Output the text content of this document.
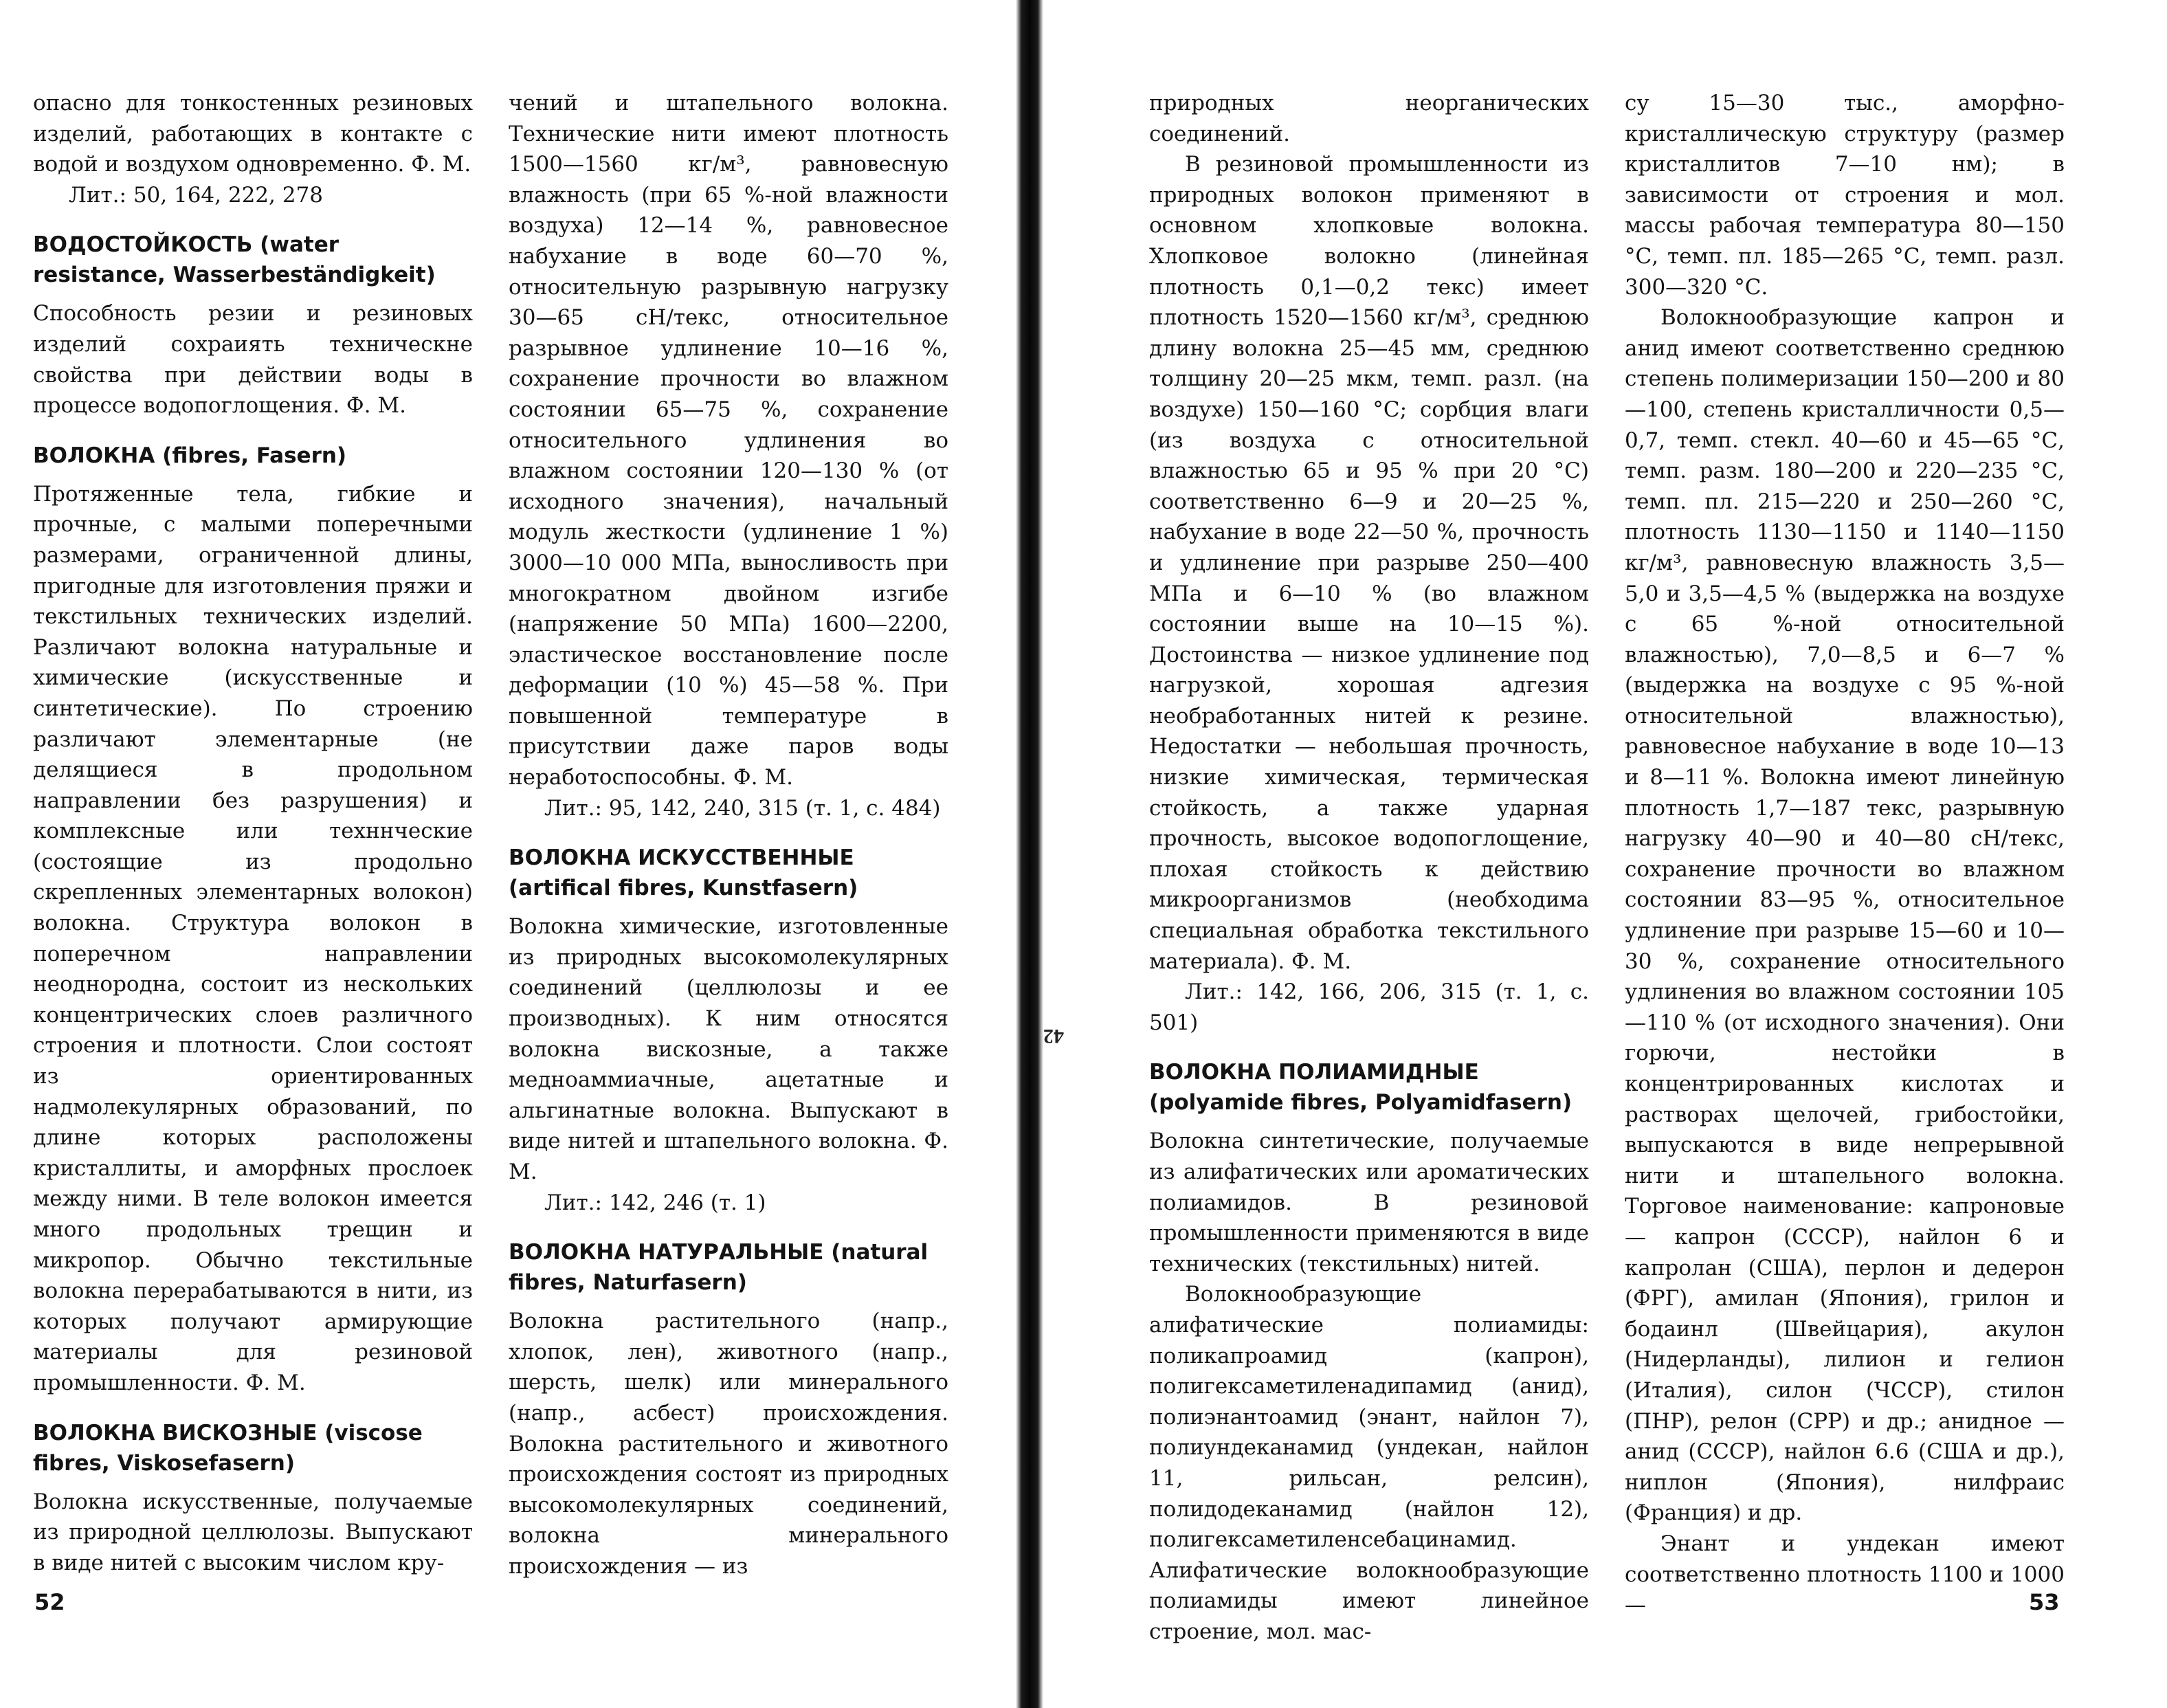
42

опасно для тонкостенных резиновых изделий, работающих в контакте с водой и воздухом одновременно. Ф. М.

Лит.: 50, 164, 222, 278

ВОДОСТОЙКОСТЬ (water resistance, Wasserbeständigkeit)

Способность резии и резиновых изделий сохраиять техническне свойства при действии воды в процессе водопоглощения. Ф. М.

ВОЛОКНА (fibres, Fasern)

Протяженные тела, гибкие и прочные, с малыми поперечными размерами, ограниченной длины, пригодные для изготовления пряжи и текстильных технических изделий. Различают волокна натуральные и химические (искусственные и синтетические). По строению различают элементарные (не делящиеся в продольном направлении без разрушения) и комплексные или техннческие (состоящие из продольно скрепленных элементарных волокон) волокна. Структура волокон в поперечном направлении неоднородна, состоит из нескольких концентрических слоев различного строения и плотности. Слои состоят из ориентированных надмолекулярных образований, по длине которых расположены кристаллиты, и аморфных прослоек между ними. В теле волокон имеется много продольных трещин и микропор. Обычно текстильные волокна перерабатываются в нити, из которых получают армирующие материалы для резиновой промышленности. Ф. М.

ВОЛОКНА ВИСКОЗНЫЕ (viscose fibres, Viskosefasern)

Волокна искусственные, получаемые из природной целлюлозы. Выпускают в виде нитей с высоким числом кру-

чений и штапельного волокна. Технические нити имеют плотность 1500—1560 кг/м³, равновесную влажность (при 65 %-ной влажности воздуха) 12—14 %, равновесное набухание в воде 60—70 %, относительную разрывную нагрузку 30—65 сН/текс, относительное разрывное удлинение 10—16 %, сохранение прочности во влажном состоянии 65—75 %, сохранение относительного удлинения во влажном состоянии 120—130 % (от исходного значения), начальный модуль жесткости (удлинение 1 %) 3000—10 000 МПа, выносливость при многократном двойном изгибе (напряжение 50 МПа) 1600—2200, эластическое восстановление после деформации (10 %) 45—58 %. При повышенной температуре в присутствии даже паров воды неработоспособны. Ф. М.

Лит.: 95, 142, 240, 315 (т. 1, с. 484)

ВОЛОКНА ИСКУССТВЕННЫЕ (artifical fibres, Kunstfasern)

Волокна химические, изготовленные из природных высокомолекулярных соединений (целлюлозы и ее производных). К ним относятся волокна вискозные, а также медноаммиачные, ацетатные и альгинатные волокна. Выпускают в виде нитей и штапельного волокна. Ф. М.

Лит.: 142, 246 (т. 1)

ВОЛОКНА НАТУРАЛЬНЫЕ (natural fibres, Naturfasern)

Волокна растительного (напр., хлопок, лен), животного (напр., шерсть, шелк) или минерального (напр., асбест) происхождения. Волокна растительного и животного происхождения состоят из природных высокомолекулярных соединений, волокна минерального происхождения — из

52

природных неорганических соединений.

В резиновой промышленности из природных волокон применяют в основном хлопковые волокна. Хлопковое волокно (линейная плотность 0,1—0,2 текс) имеет плотность 1520—1560 кг/м³, среднюю длину волокна 25—45 мм, среднюю толщину 20—25 мкм, темп. разл. (на воздухе) 150—160 °С; сорбция влаги (из воздуха с относительной влажностью 65 и 95 % при 20 °С) соответственно 6—9 и 20—25 %, набухание в воде 22—50 %, прочность и удлинение при разрыве 250—400 МПа и 6—10 % (во влажном состоянии выше на 10—15 %). Достоинства — низкое удлинение под нагрузкой, хорошая адгезия необработанных нитей к резине. Недостатки — небольшая прочность, низкие химическая, термическая стойкость, а также ударная прочность, высокое водопоглощение, плохая стойкость к действию микроорганизмов (необходима специальная обработка текстильного материала). Ф. М.

Лит.: 142, 166, 206, 315 (т. 1, с. 501)

ВОЛОКНА ПОЛИАМИДНЫЕ (polyamide fibres, Polyamidfasern)

Волокна синтетические, получаемые из алифатических или ароматических полиамидов. В резиновой промышленности применяются в виде технических (текстильных) нитей.

Волокнообразующие алифатические полиамиды: поликапроамид (капрон), полигексаметиленадипамид (анид), полиэнантоамид (энант, найлон 7), полиундеканамид (ундекан, найлон 11, рильсан, релсин), полидодеканамид (найлон 12), полигексаметиленсебацинамид. Алифатические волокнообразующие полиамиды имеют линейное строение, мол. мас-

су 15—30 тыс., аморфно-кристаллическую структуру (размер кристаллитов 7—10 нм); в зависимости от строения и мол. массы рабочая температура 80—150 °С, темп. пл. 185—265 °С, темп. разл. 300—320 °С.

Волокнообразующие капрон и анид имеют соответственно среднюю степень полимеризации 150—200 и 80—100, степень кристалличности 0,5—0,7, темп. стекл. 40—60 и 45—65 °С, темп. разм. 180—200 и 220—235 °С, темп. пл. 215—220 и 250—260 °С, плотность 1130—1150 и 1140—1150 кг/м³, равновесную влажность 3,5—5,0 и 3,5—4,5 % (выдержка на воздухе с 65 %-ной относительной влажностью), 7,0—8,5 и 6—7 % (выдержка на воздухе с 95 %-ной относительной влажностью), равновесное набухание в воде 10—13 и 8—11 %. Волокна имеют линейную плотность 1,7—187 текс, разрывную нагрузку 40—90 и 40—80 сН/текс, сохранение прочности во влажном состоянии 83—95 %, относительное удлинение при разрыве 15—60 и 10—30 %, сохранение относительного удлинения во влажном состоянии 105—110 % (от исходного значения). Они горючи, нестойки в концентрированных кислотах и растворах щелочей, грибостойки, выпускаются в виде непрерывной нити и штапельного волокна. Торговое наименование: капроновые — капрон (СССР), найлон 6 и капролан (США), перлон и дедерон (ФРГ), амилан (Япония), грилон и бодаинл (Швейцария), акулон (Нидерланды), лилион и гелион (Италия), силон (ЧССР), стилон (ПНР), релон (СРР) и др.; анидное — анид (СССР), найлон 6.6 (США и др.), ниплон (Япония), нилфраис (Франция) и др.

Энант и ундекан имеют соответственно плотность 1100 и 1000—	53
